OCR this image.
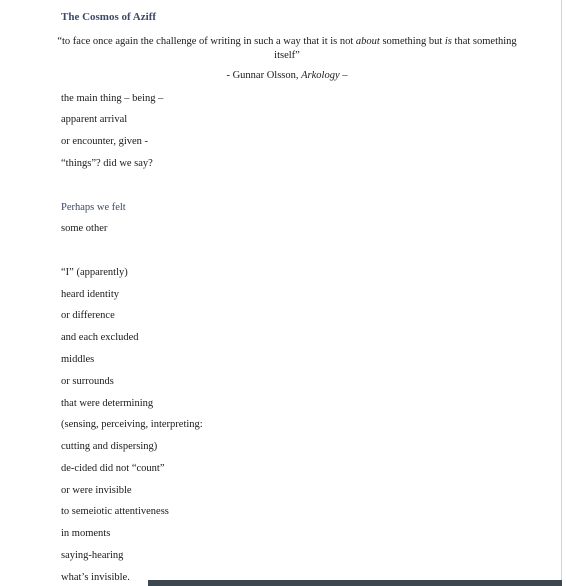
The Cosmos of Aziff
“to face once again the challenge of writing in such a way that it is not about something but is that something itself”
- Gunnar Olsson, Arkology –
the main thing – being –
apparent arrival
or encounter, given -
“things”? did we say?
Perhaps we felt
some other
“I” (apparently)
heard identity
or difference
and each excluded
middles
or surrounds
that were determining
(sensing, perceiving, interpreting:
cutting and dispersing)
de-cided did not “count”
or were invisible
to semeiotic attentiveness
in moments
saying-hearing
what’s invisible.
